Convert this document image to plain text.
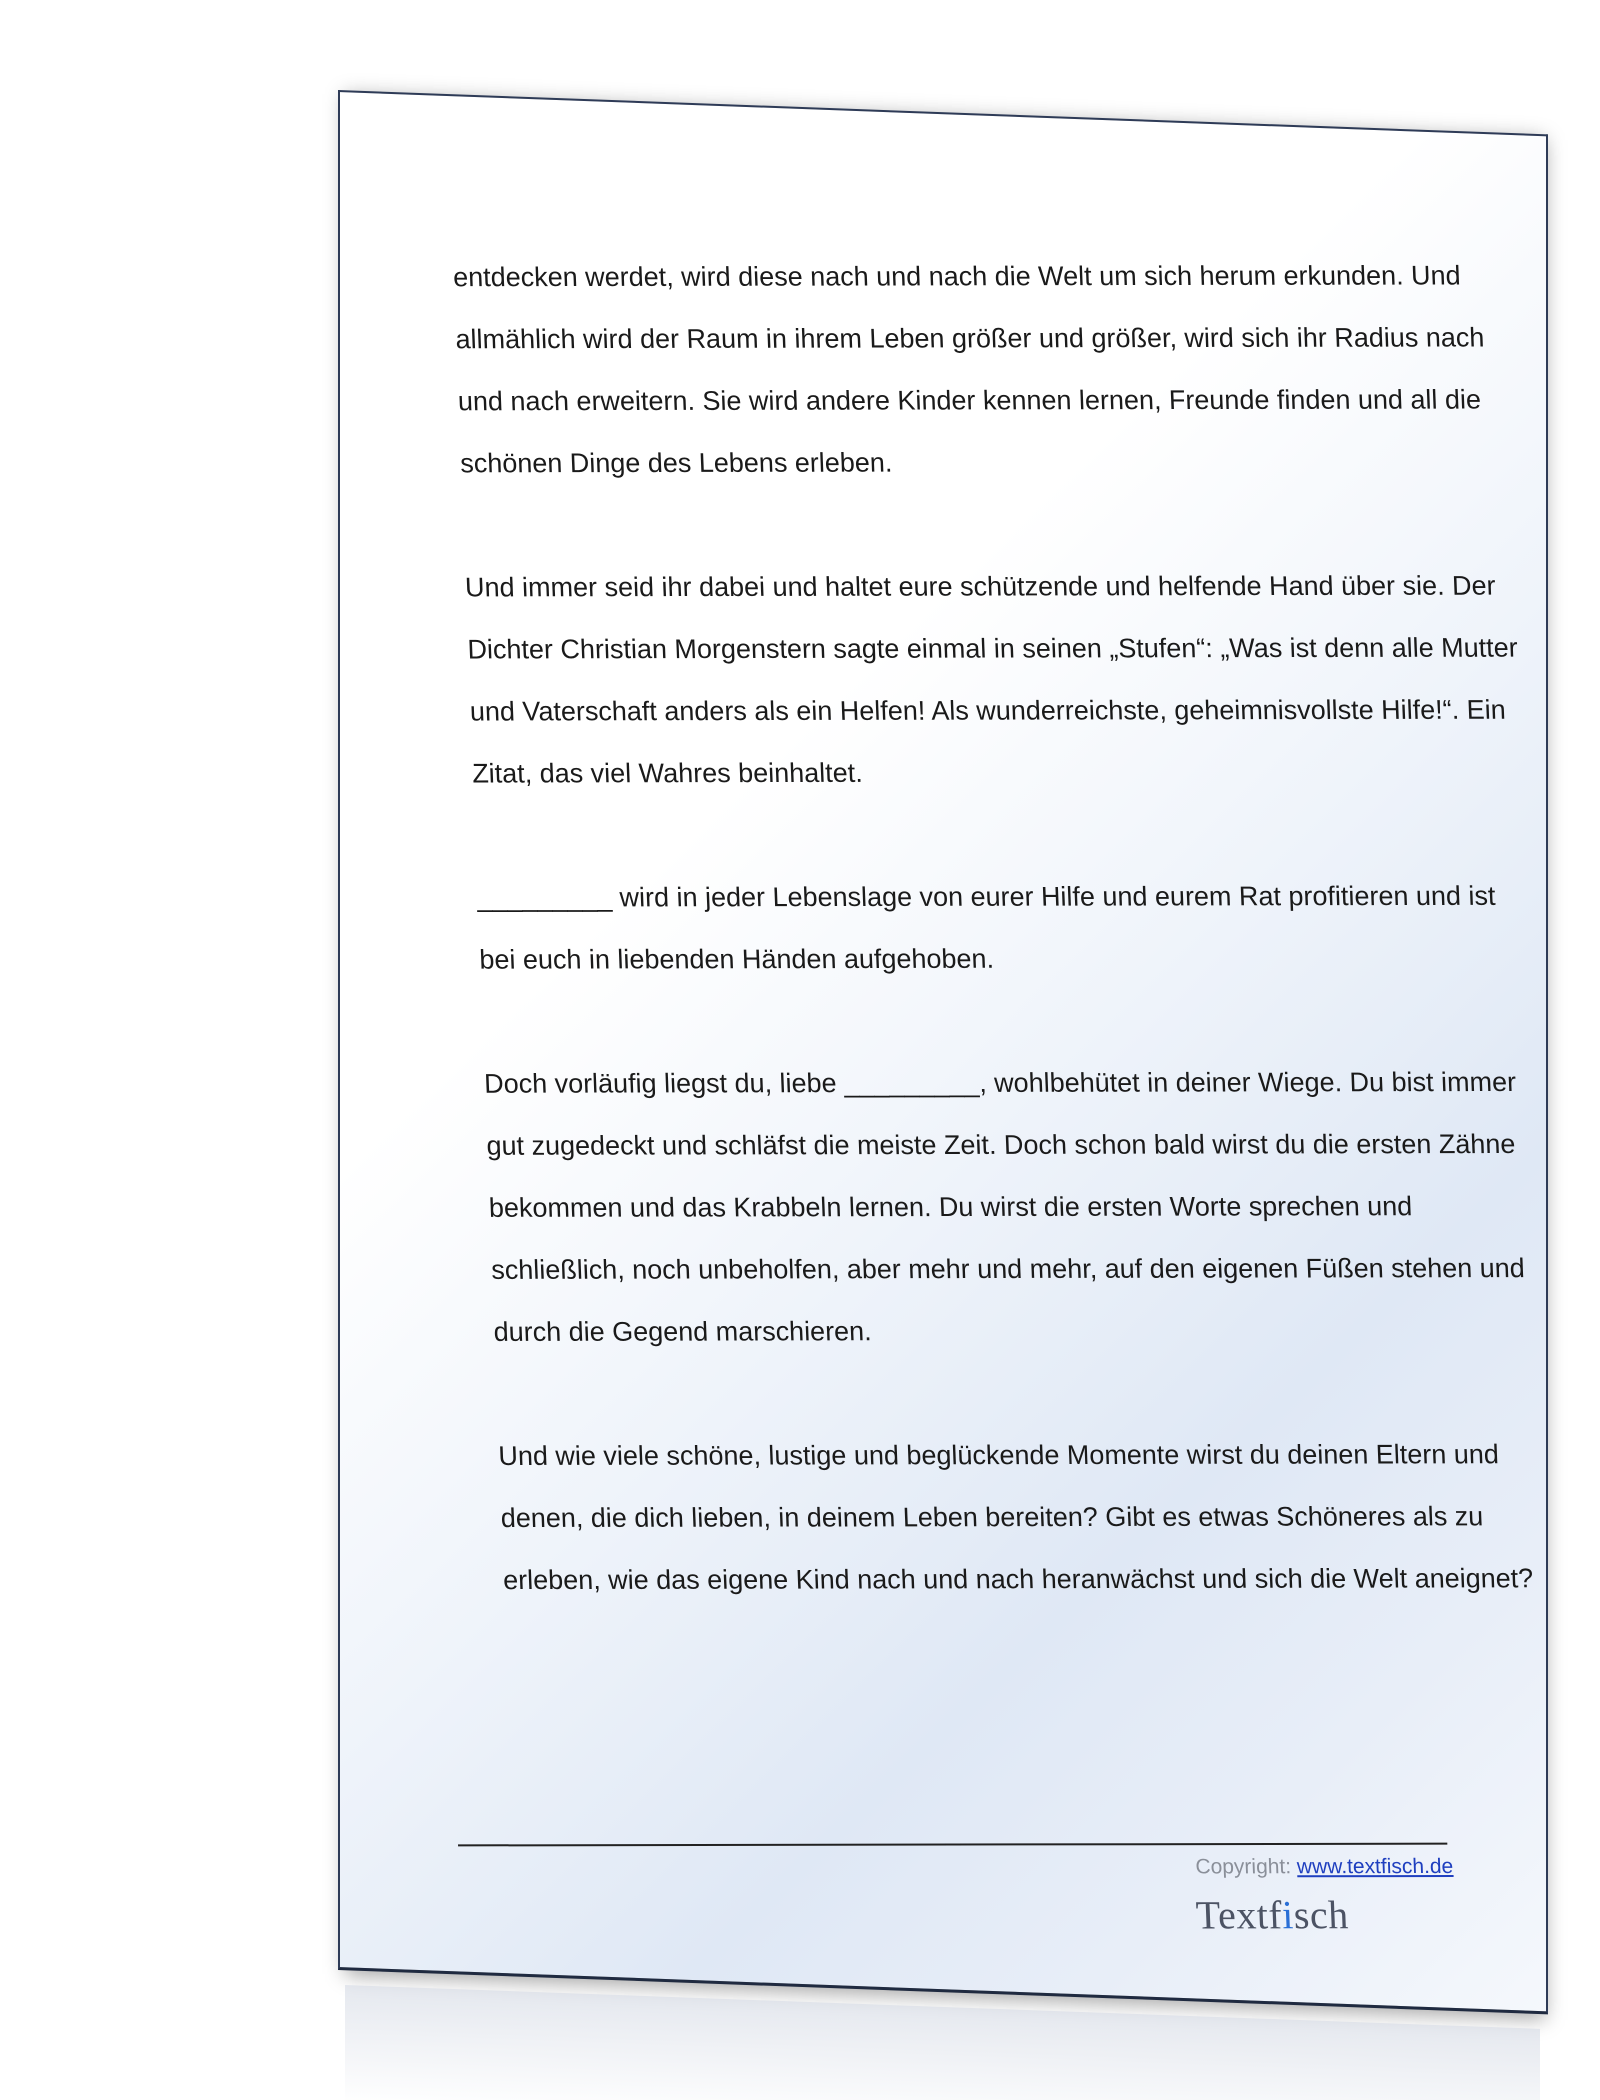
entdecken werdet, wird diese nach und nach die Welt um sich herum erkunden. Und
allmählich wird der Raum in ihrem Leben größer und größer, wird sich ihr Radius nach
und nach erweitern. Sie wird andere Kinder kennen lernen, Freunde finden und all die
schönen Dinge des Lebens erleben.

Und immer seid ihr dabei und haltet eure schützende und helfende Hand über sie. Der
Dichter Christian Morgenstern sagte einmal in seinen „Stufen“: „Was ist denn alle Mutter
und Vaterschaft anders als ein Helfen! Als wunderreichste, geheimnisvollste Hilfe!“. Ein
Zitat, das viel Wahres beinhaltet.

_________ wird in jeder Lebenslage von eurer Hilfe und eurem Rat profitieren und ist
bei euch in liebenden Händen aufgehoben.

Doch vorläufig liegst du, liebe _________, wohlbehütet in deiner Wiege. Du bist immer
gut zugedeckt und schläfst die meiste Zeit. Doch schon bald wirst du die ersten Zähne
bekommen und das Krabbeln lernen. Du wirst die ersten Worte sprechen und
schließlich, noch unbeholfen, aber mehr und mehr, auf den eigenen Füßen stehen und
durch die Gegend marschieren.

Und wie viele schöne, lustige und beglückende Momente wirst du deinen Eltern und
denen, die dich lieben, in deinem Leben bereiten? Gibt es etwas Schöneres als zu
erleben, wie das eigene Kind nach und nach heranwächst und sich die Welt aneignet?

Copyright: www.textfisch.de
Textfisch
